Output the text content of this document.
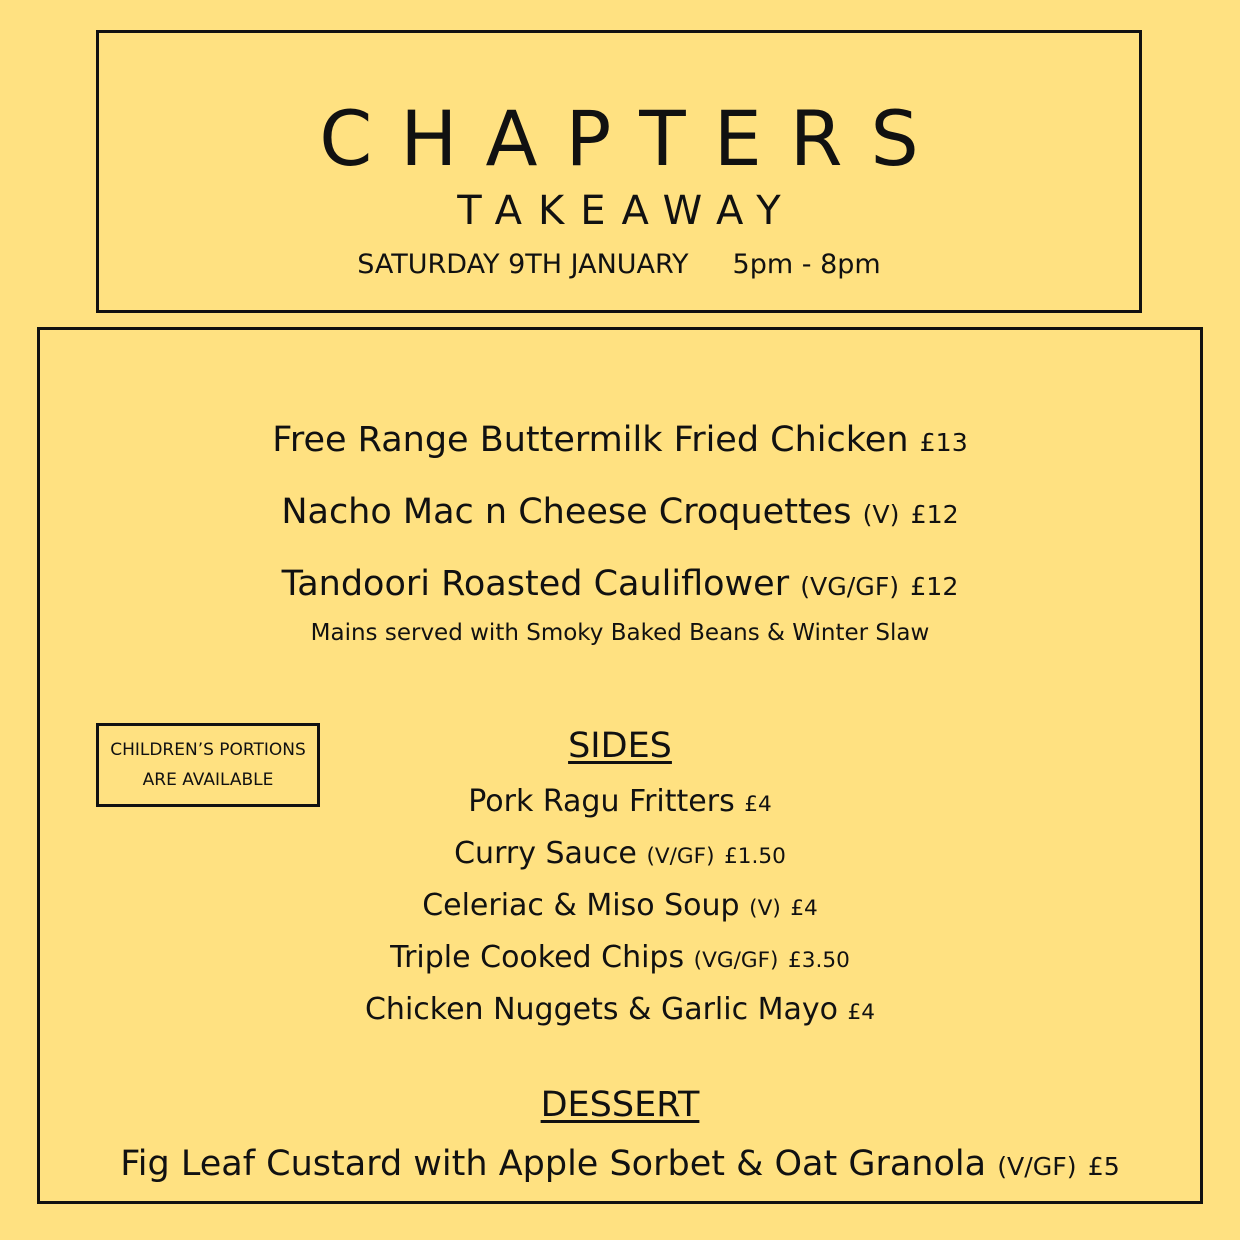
CHAPTERS
TAKEAWAY
SATURDAY 9TH JANUARY 5pm - 8pm
Free Range Buttermilk Fried Chicken £13
Nacho Mac n Cheese Croquettes (V) £12
Tandoori Roasted Cauliflower (VG/GF) £12
Mains served with Smoky Baked Beans & Winter Slaw
CHILDREN’S PORTIONS
ARE AVAILABLE
SIDES
Pork Ragu Fritters £4
Curry Sauce (V/GF) £1.50
Celeriac & Miso Soup (V) £4
Triple Cooked Chips (VG/GF) £3.50
Chicken Nuggets & Garlic Mayo £4
DESSERT
Fig Leaf Custard with Apple Sorbet & Oat Granola (V/GF) £5
